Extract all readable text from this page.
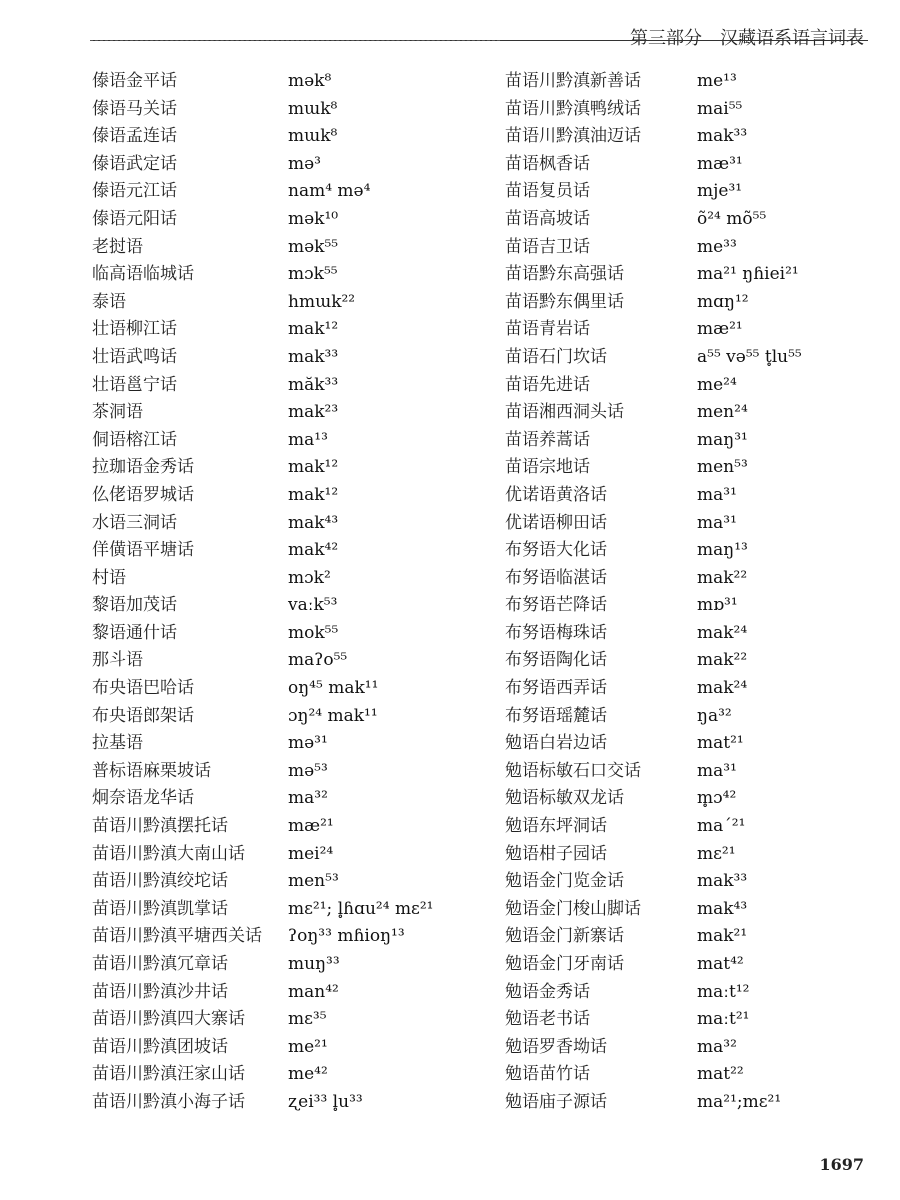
第三部分　汉藏语系语言词表
傣语金平话	mək⁸
傣语马关话	mɯk⁸
傣语孟连话	mɯk⁸
傣语武定话	mə³
傣语元江话	nam⁴ mə⁴
傣语元阳话	mək¹⁰
老挝语	mək⁵⁵
临高语临城话	mɔk⁵⁵
泰语	hmɯk²²
壮语柳江话	mak¹²
壮语武鸣话	mak³³
壮语邕宁话	măk³³
茶洞语	mak²³
侗语榕江话	ma¹³
拉珈语金秀话	mak¹²
仫佬语罗城话	mak¹²
水语三洞话	mak⁴³
佯僙语平塘话	mak⁴²
村语	mɔk²
黎语加茂话	vaːk⁵³
黎语通什话	mok⁵⁵
那斗语	maʔo⁵⁵
布央语巴哈话	oŋ⁴⁵ mak¹¹
布央语郎架话	ɔŋ²⁴ mak¹¹
拉基语	mə³¹
普标语麻栗坡话	mə⁵³
炯奈语龙华话	ma³²
苗语川黔滇摆托话	mæ²¹
苗语川黔滇大南山话	mei²⁴
苗语川黔滇绞坨话	men⁵³
苗语川黔滇凯掌话	mɛ²¹; l̥ɦɑu²⁴ mɛ²¹
苗语川黔滇平塘西关话	ʔoŋ³³ mɦioŋ¹³
苗语川黔滇冗章话	muŋ³³
苗语川黔滇沙井话	man⁴²
苗语川黔滇四大寨话	mɛ³⁵
苗语川黔滇团坡话	me²¹
苗语川黔滇汪家山话	me⁴²
苗语川黔滇小海子话	ʐei³³ l̥u³³
苗语川黔滇新善话	me¹³
苗语川黔滇鸭绒话	mai⁵⁵
苗语川黔滇油迈话	mak³³
苗语枫香话	mæ³¹
苗语复员话	mje³¹
苗语高坡话	õ²⁴ mõ⁵⁵
苗语吉卫话	me³³
苗语黔东高强话	ma²¹ ŋɦiei²¹
苗语黔东偶里话	mɑŋ¹²
苗语青岩话	mæ²¹
苗语石门坎话	a⁵⁵ və⁵⁵ t̥lu⁵⁵
苗语先进话	me²⁴
苗语湘西洞头话	men²⁴
苗语养蒿话	maŋ³¹
苗语宗地话	men⁵³
优诺语黄洛话	ma³¹
优诺语柳田话	ma³¹
布努语大化话	maŋ¹³
布努语临湛话	mak²²
布努语芒降话	mɒ³¹
布努语梅珠话	mak²⁴
布努语陶化话	mak²²
布努语西弄话	mak²⁴
布努语瑶麓话	ŋa³²
勉语白岩边话	mat²¹
勉语标敏石口交话	ma³¹
勉语标敏双龙话	m̥ɔ⁴²
勉语东坪洞话	maˊ²¹
勉语柑子园话	mɛ²¹
勉语金门览金话	mak³³
勉语金门梭山脚话	mak⁴³
勉语金门新寨话	mak²¹
勉语金门牙南话	mat⁴²
勉语金秀话	maːt¹²
勉语老书话	maːt²¹
勉语罗香坳话	ma³²
勉语苗竹话	mat²²
勉语庙子源话	ma²¹;mɛ²¹
1697
